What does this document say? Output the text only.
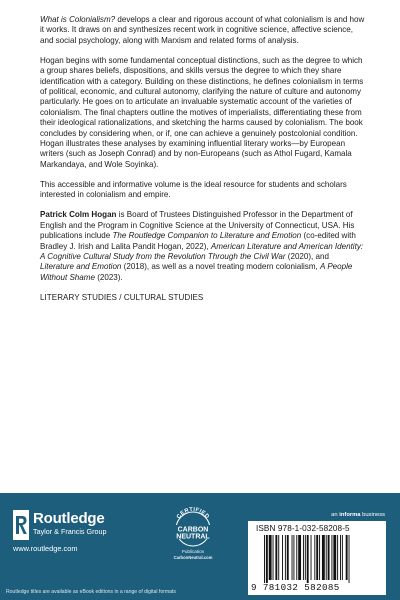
What is Colonialism? develops a clear and rigorous account of what colonialism is and how it works. It draws on and synthesizes recent work in cognitive science, affective science, and social psychology, along with Marxism and related forms of analysis.

Hogan begins with some fundamental conceptual distinctions, such as the degree to which a group shares beliefs, dispositions, and skills versus the degree to which they share identification with a category. Building on these distinctions, he defines colonialism in terms of political, economic, and cultural autonomy, clarifying the nature of culture and autonomy particularly. He goes on to articulate an invaluable systematic account of the varieties of colonialism. The final chapters outline the motives of imperialists, differentiating these from their ideological rationalizations, and sketching the harms caused by colonialism. The book concludes by considering when, or if, one can achieve a genuinely postcolonial condition. Hogan illustrates these analyses by examining influential literary works—by European writers (such as Joseph Conrad) and by non-Europeans (such as Athol Fugard, Kamala Markandaya, and Wole Soyinka).

This accessible and informative volume is the ideal resource for students and scholars interested in colonialism and empire.

Patrick Colm Hogan is Board of Trustees Distinguished Professor in the Department of English and the Program in Cognitive Science at the University of Connecticut, USA. His publications include The Routledge Companion to Literature and Emotion (co-edited with Bradley J. Irish and Lalita Pandit Hogan, 2022), American Literature and American Identity: A Cognitive Cultural Study from the Revolution Through the Civil War (2020), and Literature and Emotion (2018), as well as a novel treating modern colonialism, A People Without Shame (2023).

LITERARY STUDIES / CULTURAL STUDIES

Routledge
Taylor & Francis Group
www.routledge.com
CERTIFIED
CARBON
NEUTRAL
Publication
CarbonNeutral.com
an informa business
ISBN 978-1-032-58208-5
9 781032 582085
Routledge titles are available as eBook editions in a range of digital formats
